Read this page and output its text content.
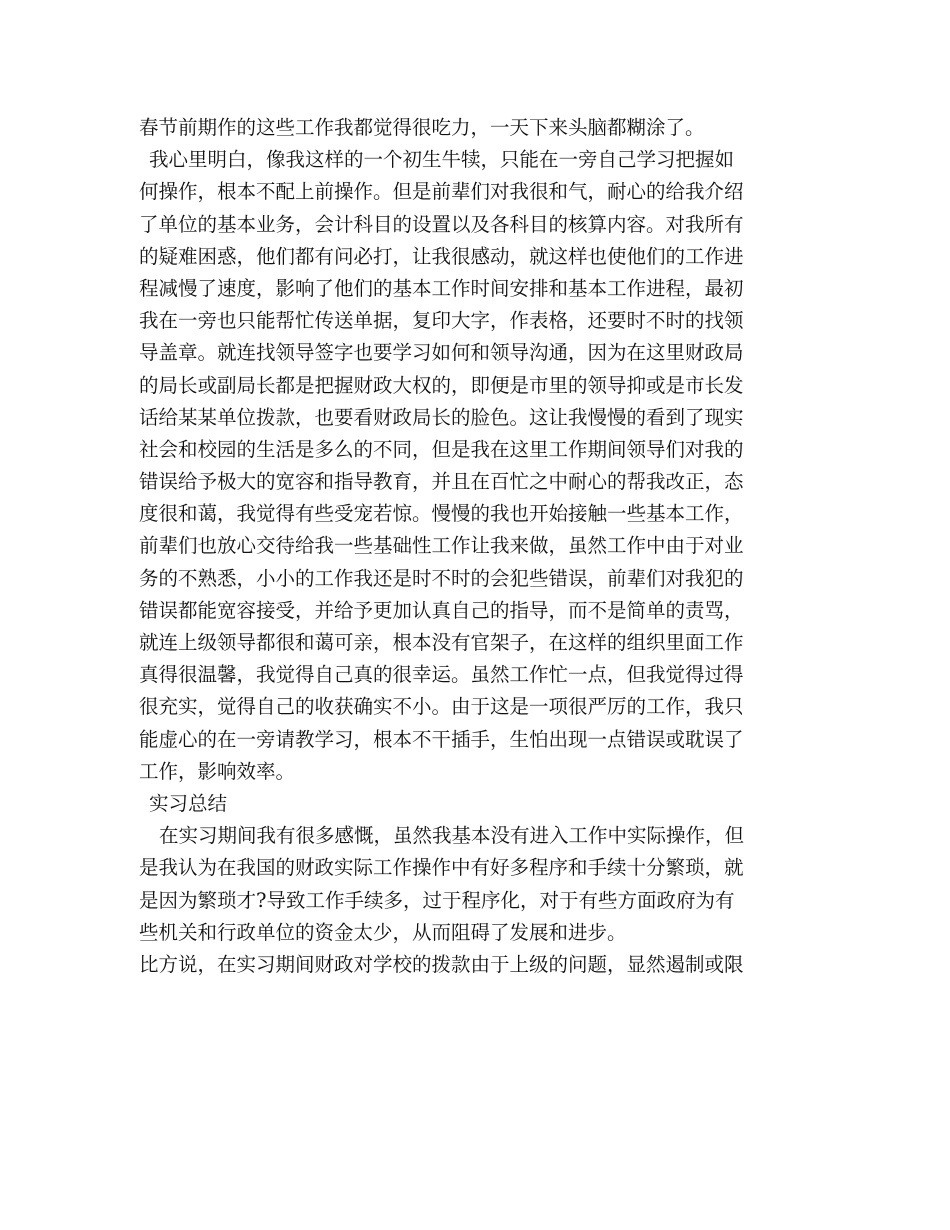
春节前期作的这些工作我都觉得很吃力，一天下来头脑都糊涂了。
我心里明白，像我这样的一个初生牛犊，只能在一旁自己学习把握如
何操作，根本不配上前操作。但是前辈们对我很和气，耐心的给我介绍
了单位的基本业务，会计科目的设置以及各科目的核算内容。对我所有
的疑难困惑，他们都有问必打，让我很感动，就这样也使他们的工作进
程减慢了速度，影响了他们的基本工作时间安排和基本工作进程，最初
我在一旁也只能帮忙传送单据，复印大字，作表格，还要时不时的找领
导盖章。就连找领导签字也要学习如何和领导沟通，因为在这里财政局
的局长或副局长都是把握财政大权的，即便是市里的领导抑或是市长发
话给某某单位拨款，也要看财政局长的脸色。这让我慢慢的看到了现实
社会和校园的生活是多么的不同，但是我在这里工作期间领导们对我的
错误给予极大的宽容和指导教育，并且在百忙之中耐心的帮我改正，态
度很和蔼，我觉得有些受宠若惊。慢慢的我也开始接触一些基本工作，
前辈们也放心交待给我一些基础性工作让我来做，虽然工作中由于对业
务的不熟悉，小小的工作我还是时不时的会犯些错误，前辈们对我犯的
错误都能宽容接受，并给予更加认真自己的指导，而不是简单的责骂，
就连上级领导都很和蔼可亲，根本没有官架子，在这样的组织里面工作
真得很温馨，我觉得自己真的很幸运。虽然工作忙一点，但我觉得过得
很充实，觉得自己的收获确实不小。由于这是一项很严厉的工作，我只
能虚心的在一旁请教学习，根本不干插手，生怕出现一点错误或耽误了
工作，影响效率。
实习总结
在实习期间我有很多感慨，虽然我基本没有进入工作中实际操作，但
是我认为在我国的财政实际工作操作中有好多程序和手续十分繁琐，就
是因为繁琐才?导致工作手续多，过于程序化，对于有些方面政府为有
些机关和行政单位的资金太少，从而阻碍了发展和进步。
比方说，在实习期间财政对学校的拨款由于上级的问题，显然遏制或限
